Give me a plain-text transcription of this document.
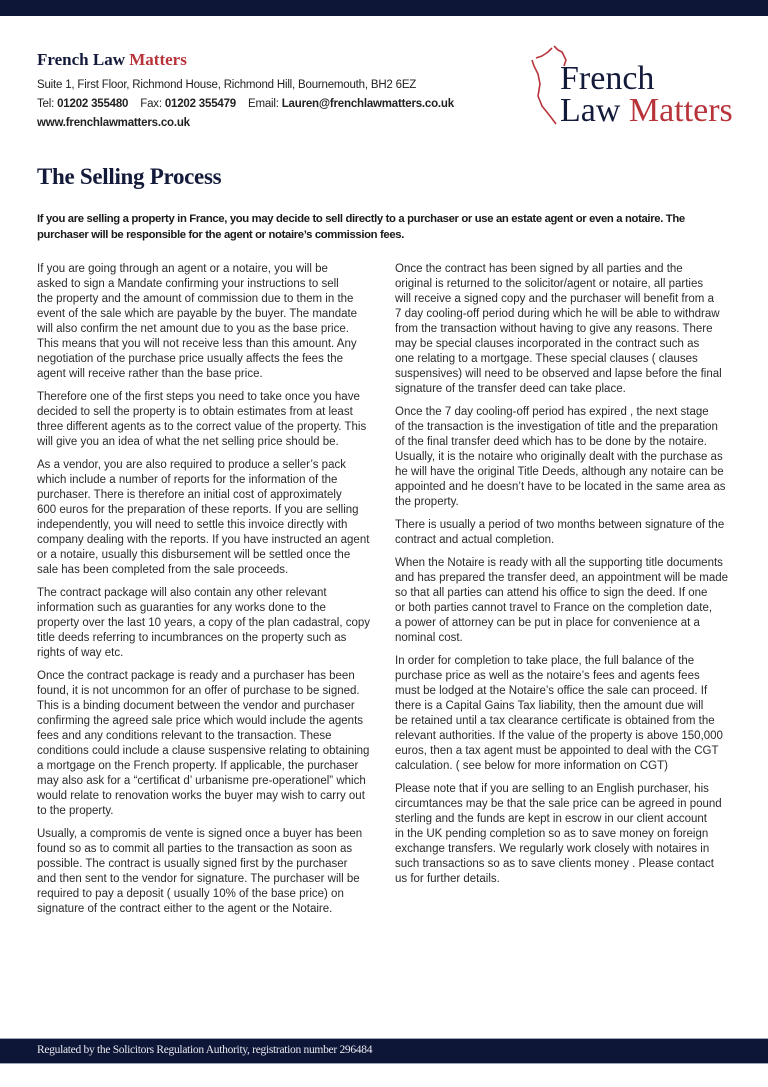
French Law Matters
Suite 1, First Floor, Richmond House, Richmond Hill, Bournemouth, BH2 6EZ
Tel: 01202 355480 Fax: 01202 355479 Email: Lauren@frenchlawmatters.co.uk
www.frenchlawmatters.co.uk
French
Law Matters
The Selling Process
If you are selling a property in France, you may decide to sell directly to a purchaser or use an estate agent or even a notaire. The
purchaser will be responsible for the agent or notaire’s commission fees.

If you are going through an agent or a notaire, you will be
asked to sign a Mandate confirming your instructions to sell
the property and the amount of commission due to them in the
event of the sale which are payable by the buyer. The mandate
will also confirm the net amount due to you as the base price.
This means that you will not receive less than this amount. Any
negotiation of the purchase price usually affects the fees the
agent will receive rather than the base price.

Therefore one of the first steps you need to take once you have
decided to sell the property is to obtain estimates from at least
three different agents as to the correct value of the property. This
will give you an idea of what the net selling price should be.

As a vendor, you are also required to produce a seller’s pack
which include a number of reports for the information of the
purchaser. There is therefore an initial cost of approximately
600 euros for the preparation of these reports. If you are selling
independently, you will need to settle this invoice directly with
company dealing with the reports. If you have instructed an agent
or a notaire, usually this disbursement will be settled once the
sale has been completed from the sale proceeds.

The contract package will also contain any other relevant
information such as guaranties for any works done to the
property over the last 10 years, a copy of the plan cadastral, copy
title deeds referring to incumbrances on the property such as
rights of way etc.

Once the contract package is ready and a purchaser has been
found, it is not uncommon for an offer of purchase to be signed.
This is a binding document between the vendor and purchaser
confirming the agreed sale price which would include the agents
fees and any conditions relevant to the transaction. These
conditions could include a clause suspensive relating to obtaining
a mortgage on the French property. If applicable, the purchaser
may also ask for a “certificat d’ urbanisme pre-operationel” which
would relate to renovation works the buyer may wish to carry out
to the property.

Usually, a compromis de vente is signed once a buyer has been
found so as to commit all parties to the transaction as soon as
possible. The contract is usually signed first by the purchaser
and then sent to the vendor for signature. The purchaser will be
required to pay a deposit ( usually 10% of the base price) on
signature of the contract either to the agent or the Notaire.

Once the contract has been signed by all parties and the
original is returned to the solicitor/agent or notaire, all parties
will receive a signed copy and the purchaser will benefit from a
7 day cooling-off period during which he will be able to withdraw
from the transaction without having to give any reasons. There
may be special clauses incorporated in the contract such as
one relating to a mortgage. These special clauses ( clauses
suspensives) will need to be observed and lapse before the final
signature of the transfer deed can take place.

Once the 7 day cooling-off period has expired , the next stage
of the transaction is the investigation of title and the preparation
of the final transfer deed which has to be done by the notaire.
Usually, it is the notaire who originally dealt with the purchase as
he will have the original Title Deeds, although any notaire can be
appointed and he doesn’t have to be located in the same area as
the property.

There is usually a period of two months between signature of the
contract and actual completion.

When the Notaire is ready with all the supporting title documents
and has prepared the transfer deed, an appointment will be made
so that all parties can attend his office to sign the deed. If one
or both parties cannot travel to France on the completion date,
a power of attorney can be put in place for convenience at a
nominal cost.

In order for completion to take place, the full balance of the
purchase price as well as the notaire’s fees and agents fees
must be lodged at the Notaire’s office the sale can proceed. If
there is a Capital Gains Tax liability, then the amount due will
be retained until a tax clearance certificate is obtained from the
relevant authorities. If the value of the property is above 150,000
euros, then a tax agent must be appointed to deal with the CGT
calculation. ( see below for more information on CGT)

Please note that if you are selling to an English purchaser, his
circumtances may be that the sale price can be agreed in pound
sterling and the funds are kept in escrow in our client account
in the UK pending completion so as to save money on foreign
exchange transfers. We regularly work closely with notaires in
such transactions so as to save clients money . Please contact
us for further details.

Regulated by the Solicitors Regulation Authority, registration number 296484
